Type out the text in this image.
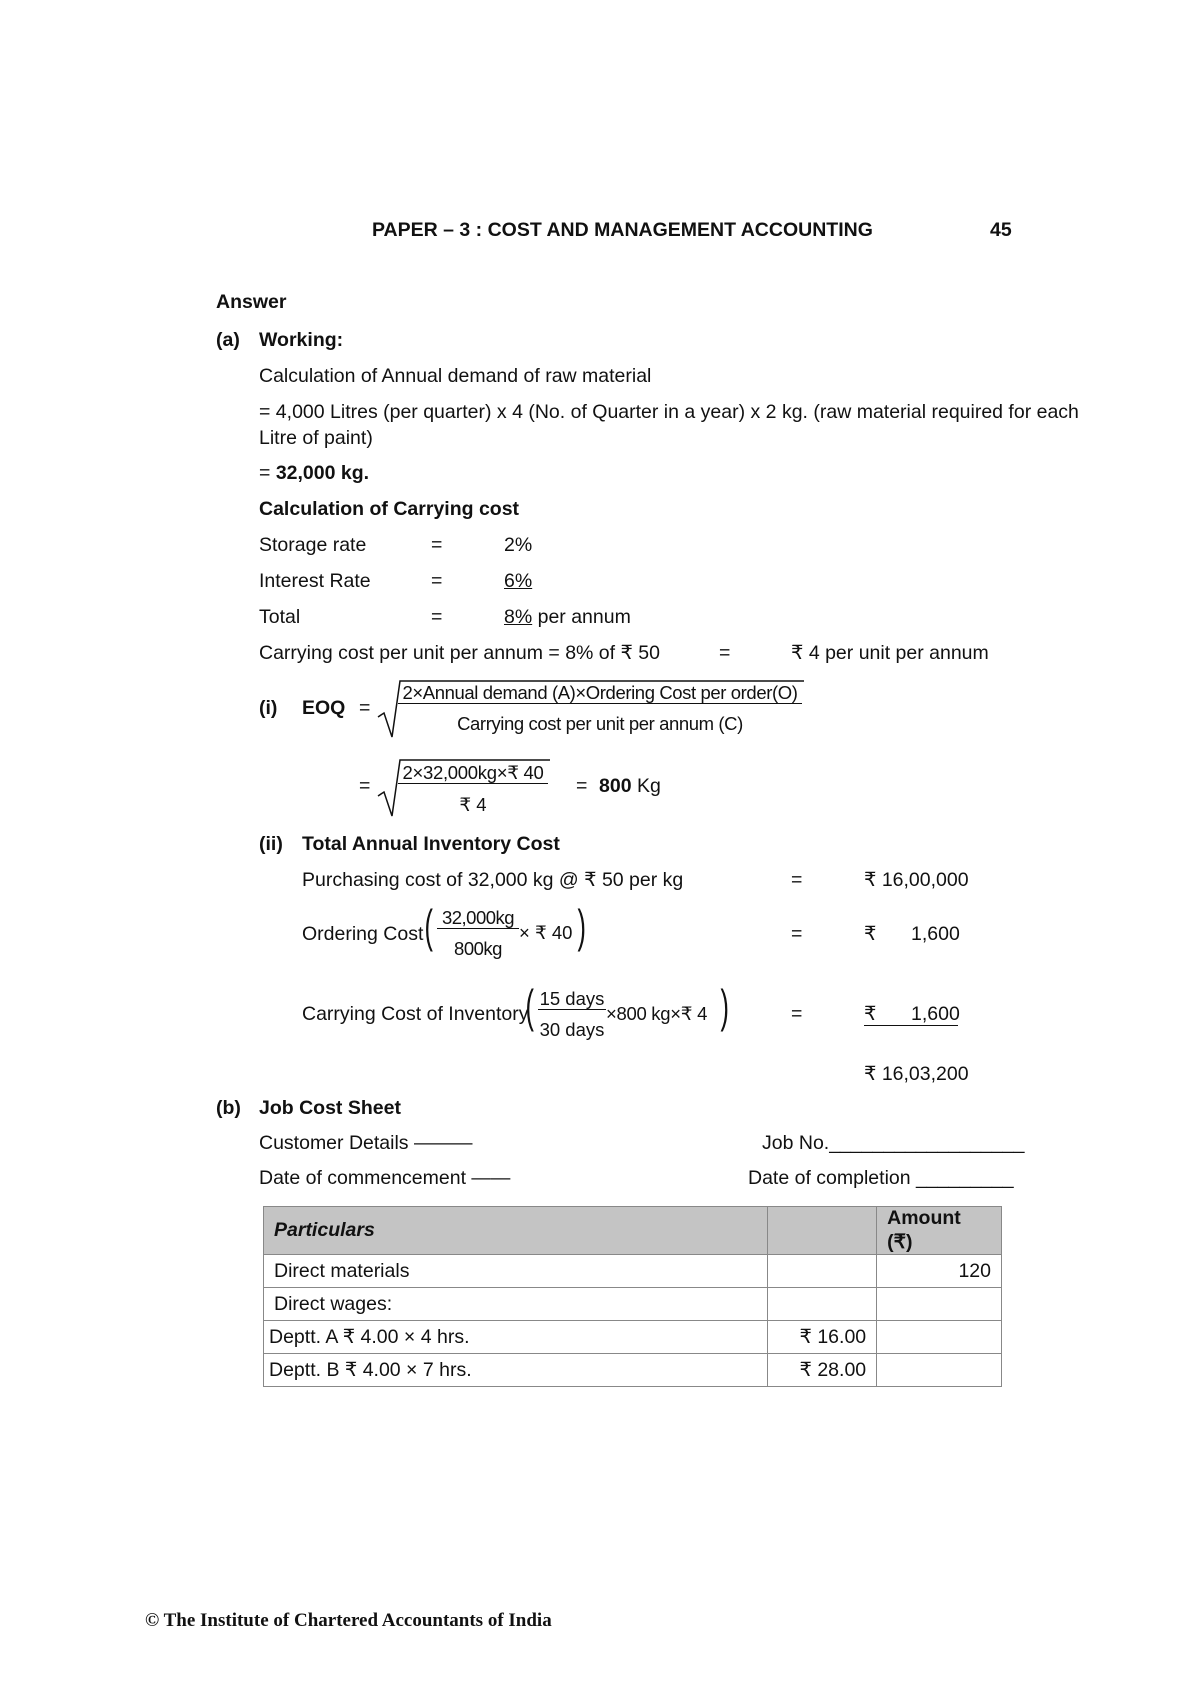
PAPER – 3 : COST AND MANAGEMENT ACCOUNTING	45
Answer
(a) Working:
Calculation of Annual demand of raw material
= 4,000 Litres (per quarter) x 4 (No. of Quarter in a year) x 2 kg. (raw material required for each
Litre of paint)
= 32,000 kg.
Calculation of Carrying cost
Storage rate	=	2%
Interest Rate	=	6%
Total	=	8% per annum
Carrying cost per unit per annum = 8% of ₹ 50	=	₹ 4 per unit per annum
(i) EOQ =
2×Annual demand (A)×Ordering Cost per order(O)
Carrying cost per unit per annum (C)
=
2×32,000kg×₹ 40
₹ 4
= 800 Kg
(ii) Total Annual Inventory Cost
Purchasing cost of 32,000 kg @ ₹ 50 per kg	=	₹ 16,00,000
Ordering Cost ( 32,000kg
800kg
× ₹ 40 )	=	₹ 1,600
Carrying Cost of Inventory
( 15 days
30 days
×800 kg×₹ 4 )	=	₹ 1,600
₹ 16,03,200
(b) Job Cost Sheet
Customer Details ———	Job No.__________________
Date of commencement ——	Date of completion _________
Particulars		Amount (₹)
Direct materials		120
Direct wages:		
Deptt. A ₹ 4.00 × 4 hrs.	₹ 16.00	
Deptt. B ₹ 4.00 × 7 hrs.	₹ 28.00	
© The Institute of Chartered Accountants of India
